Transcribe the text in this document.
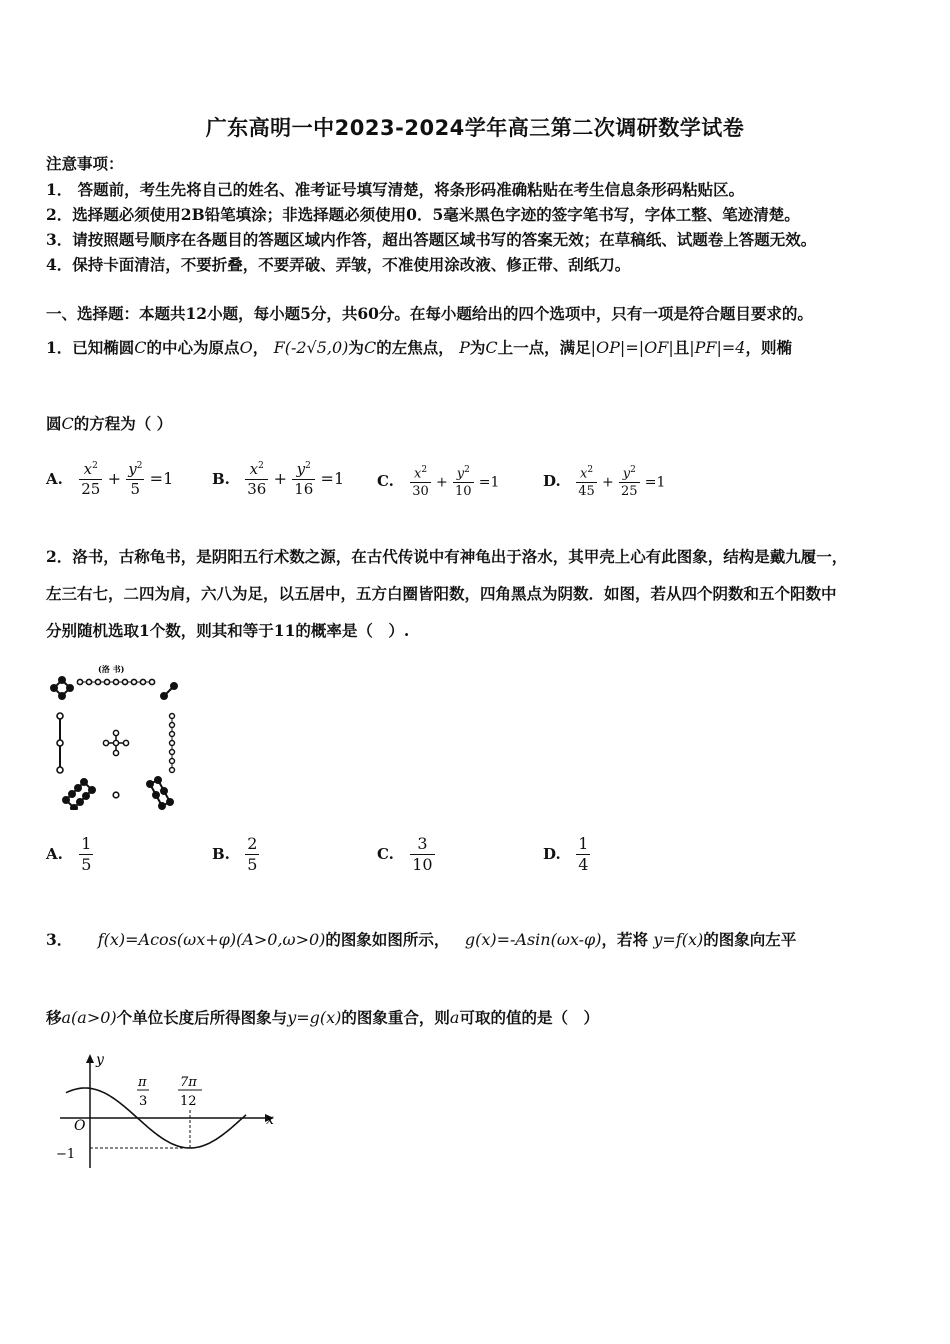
广东高明一中2023-2024学年高三第二次调研数学试卷
注意事项：
1． 答题前，考生先将自己的姓名、准考证号填写清楚，将条形码准确粘贴在考生信息条形码粘贴区。
2．选择题必须使用2B铅笔填涂；非选择题必须使用0．5毫米黑色字迹的签字笔书写，字体工整、笔迹清楚。
3．请按照题号顺序在各题目的答题区域内作答，超出答题区域书写的答案无效；在草稿纸、试题卷上答题无效。
4．保持卡面清洁，不要折叠，不要弄破、弄皱，不准使用涂改液、修正带、刮纸刀。
一、选择题：本题共12小题，每小题5分，共60分。在每小题给出的四个选项中，只有一项是符合题目要求的。
1．已知椭圆C的中心为原点O， F(-2√5,0)为C的左焦点， P为C上一点，满足|OP|=|OF|且|PF|=4，则椭
圆C的方程为（ ）
A. $\frac{x^2}{25} + \frac{y^2}{5} =1$	B. $\frac{x^2}{36} + \frac{y^2}{16} =1$ C. $\frac{x^2}{30} + \frac{y^2}{10} =1$	D. $\frac{x^2}{45} + \frac{y^2}{25} =1$
2．洛书，古称龟书，是阴阳五行术数之源，在古代传说中有神龟出于洛水，其甲壳上心有此图象，结构是戴九履一，
左三右七，二四为肩，六八为足，以五居中，五方白圈皆阳数，四角黑点为阴数．如图，若从四个阴数和五个阳数中
分别随机选取1个数，则其和等于11的概率是（　）.
(洛 书)
A. $\frac{1}{5}$	B. $\frac{2}{5}$	C. $\frac{3}{10}$	D. $\frac{1}{4}$
3． f(x)=Acos(ωx+φ)(A>0,ω>0)的图象如图所示， g(x)=-Asin(ωx-φ)，若将 y=f(x)的图象向左平
移a(a>0)个单位长度后所得图象与y=g(x)的图象重合，则a可取的值的是（　）
y
x
O
−1
π
3
7π
12
